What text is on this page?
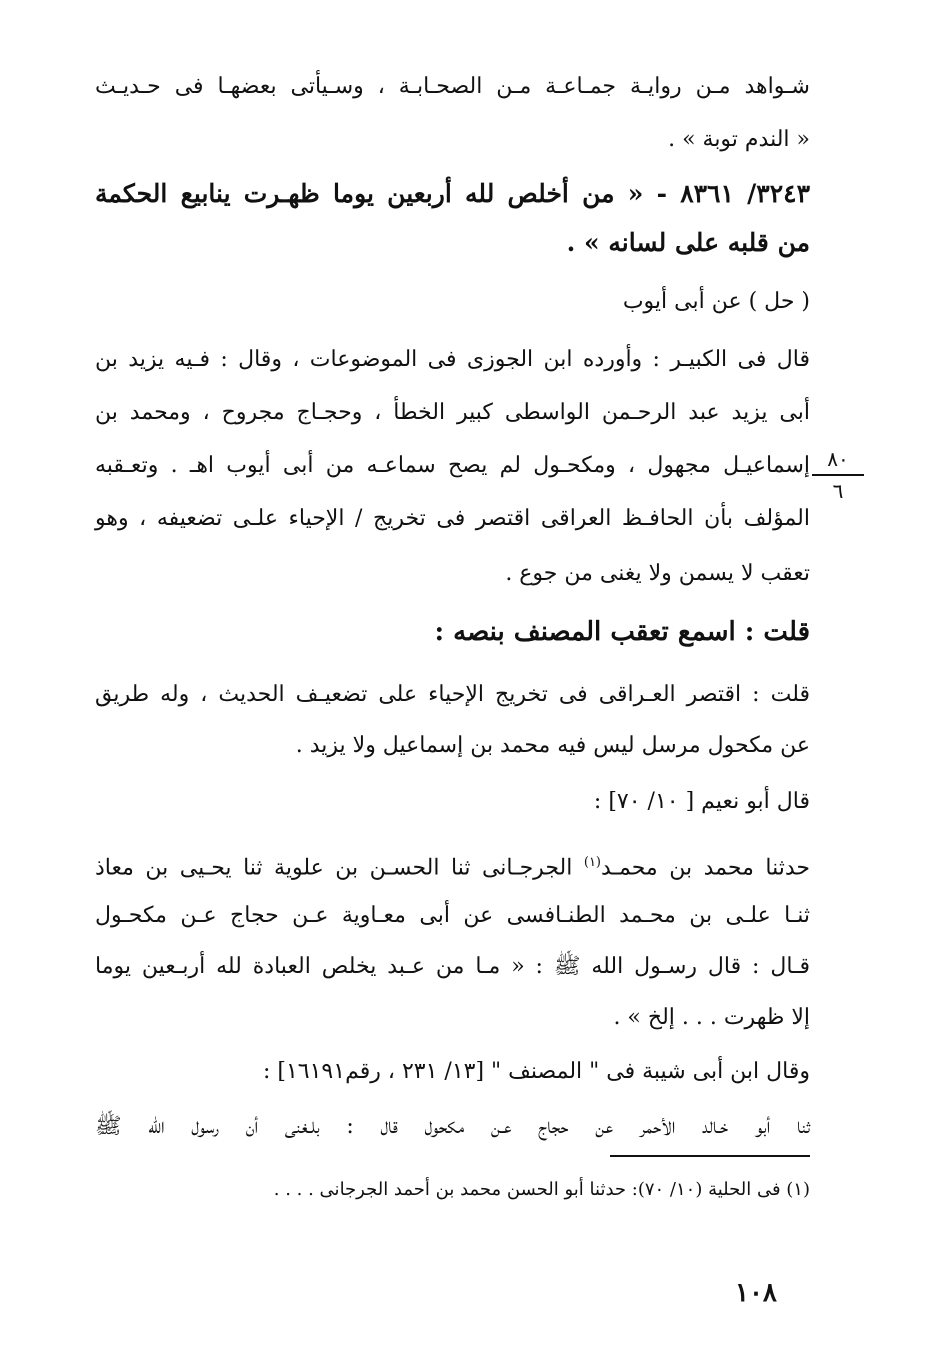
شـواهد مـن روايـة جمـاعـة مـن الصحـابـة ، وسـيأتى بعضهـا فى حـديـث
« الندم توبة » .
٣٢٤٣/ ٨٣٦١ - « من أخلص لله أربعين يوما ظهـرت ينابيع الحكمة
من قلبه على لسانه » .
( حل ) عن أبى أيوب
قال فى الكبيـر : وأورده ابن الجوزى فى الموضوعات ، وقال : فـيه يزيد بن
أبى يزيد عبد الرحـمن الواسطى كبير الخطأ ، وحجـاج مجروح ، ومحمد بن
إسماعيـل مجهول ، ومكحـول لم يصح سماعـه من أبى أيوب اهـ . وتعـقبه
المؤلف بأن الحافـظ العراقى اقتصر فى تخريج / الإحياء علـى تضعيفه ، وهو
تعقب لا يسمن ولا يغنى من جوع .
قلت : اسمع تعقب المصنف بنصه :
قلت : اقتصر العـراقى فى تخريج الإحياء على تضعيـف الحديث ، وله طريق
عن مكحول مرسل ليس فيه محمد بن إسماعيل ولا يزيد .
قال أبو نعيم [ ١٠/ ٧٠] :
حدثنا محمد بن محمـد$^{(١)}$ الجرجـانى ثنا الحسـن بن علوية ثنا يحـيى بن معاذ
ثنـا علـى بن محـمد الطنـافسى عن أبى معـاوية عـن حجاج عـن مكحـول
قـال : قال رسـول الله ﷺ : « مـا من عـبد يخلص العبادة لله أربـعين يوما
إلا ظهرت . . . إلخ » .
وقال ابن أبى شيبة فى " المصنف " [١٣/ ٢٣١ ، رقم١٦١٩١] :
ثنا أبو خـالد الأحمر عن حجاج عـن مكحول قال : بلـغنى أن رسول الله ﷺ
٨٠
٦
(١) فى الحلية (١٠/ ٧٠): حدثنا أبو الحسن محمد بن أحمد الجرجانى . . . .
١٠٨
